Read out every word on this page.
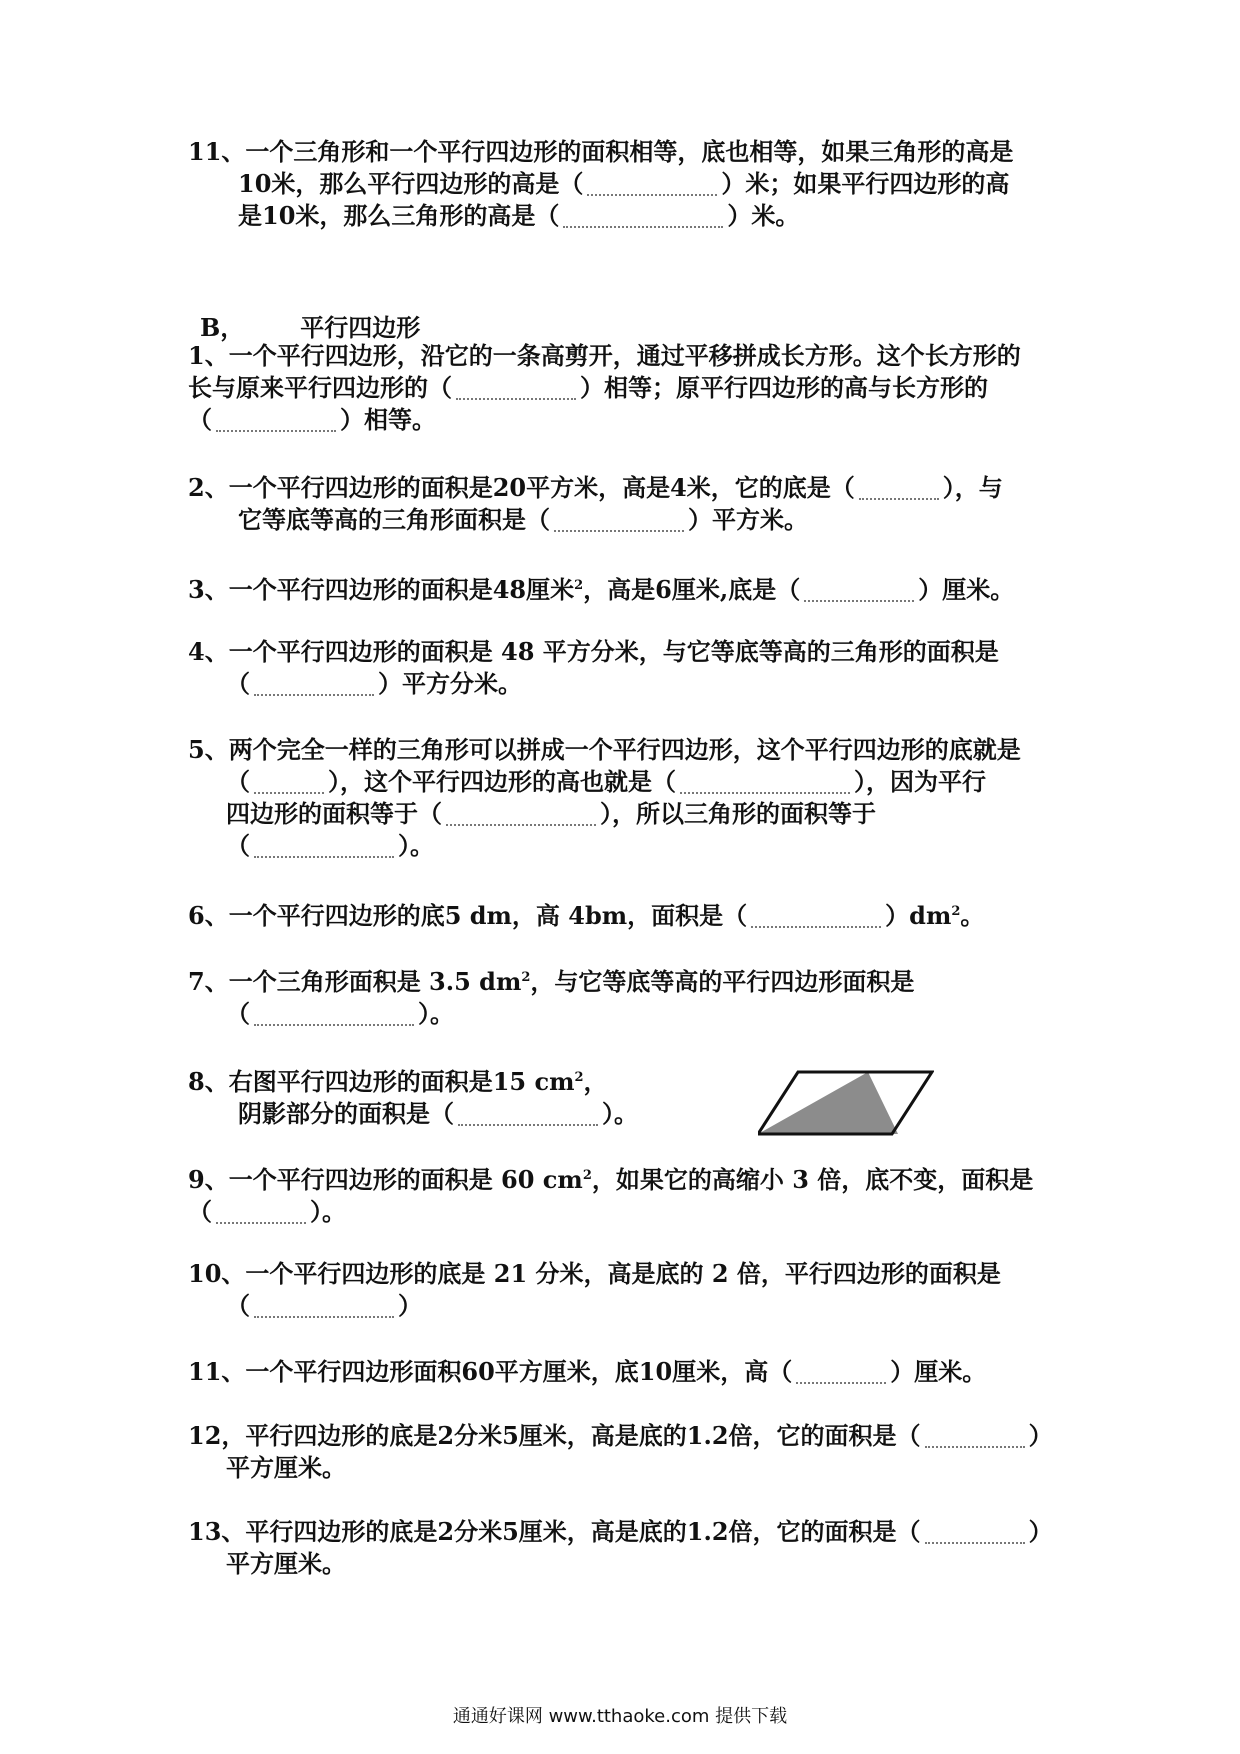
11、一个三角形和一个平行四边形的面积相等，底也相等，如果三角形的高是
10米，那么平行四边形的高是（	）米；如果平行四边形的高
是10米，那么三角形的高是（	）米。
B， 平行四边形
1、一个平行四边形，沿它的一条高剪开，通过平移拼成长方形。这个长方形的
长与原来平行四边形的（	）相等；原平行四边形的高与长方形的
（	）相等。
2、一个平行四边形的面积是20平方米，高是4米，它的底是（	），与
它等底等高的三角形面积是（	）平方米。
3、一个平行四边形的面积是48厘米$^2$，高是6厘米,底是（	）厘米。
4、一个平行四边形的面积是 48 平方分米，与它等底等高的三角形的面积是
（	）平方分米。
5、两个完全一样的三角形可以拼成一个平行四边形，这个平行四边形的底就是
（	），这个平行四边形的高也就是（	），因为平行
四边形的面积等于（	），所以三角形的面积等于
（	）。
6、一个平行四边形的底5 dm，高 4bm，面积是（	）$dm^2$。
7、一个三角形面积是 3.5 $dm^2$，与它等底等高的平行四边形面积是
（	）。
8、右图平行四边形的面积是15 $cm^2$，
阴影部分的面积是（	）。
9、一个平行四边形的面积是 60 $cm^2$，如果它的高缩小 3 倍，底不变，面积是
（	）。
10、一个平行四边形的底是 21 分米，高是底的 2 倍，平行四边形的面积是
（	）
11、一个平行四边形面积60平方厘米，底10厘米，高（	）厘米。
12，平行四边形的底是2分米5厘米，高是底的1.2倍，它的面积是（	）
平方厘米。
13、平行四边形的底是2分米5厘米，高是底的1.2倍，它的面积是（	）
平方厘米。
通通好课网 www.tthaoke.com 提供下载
